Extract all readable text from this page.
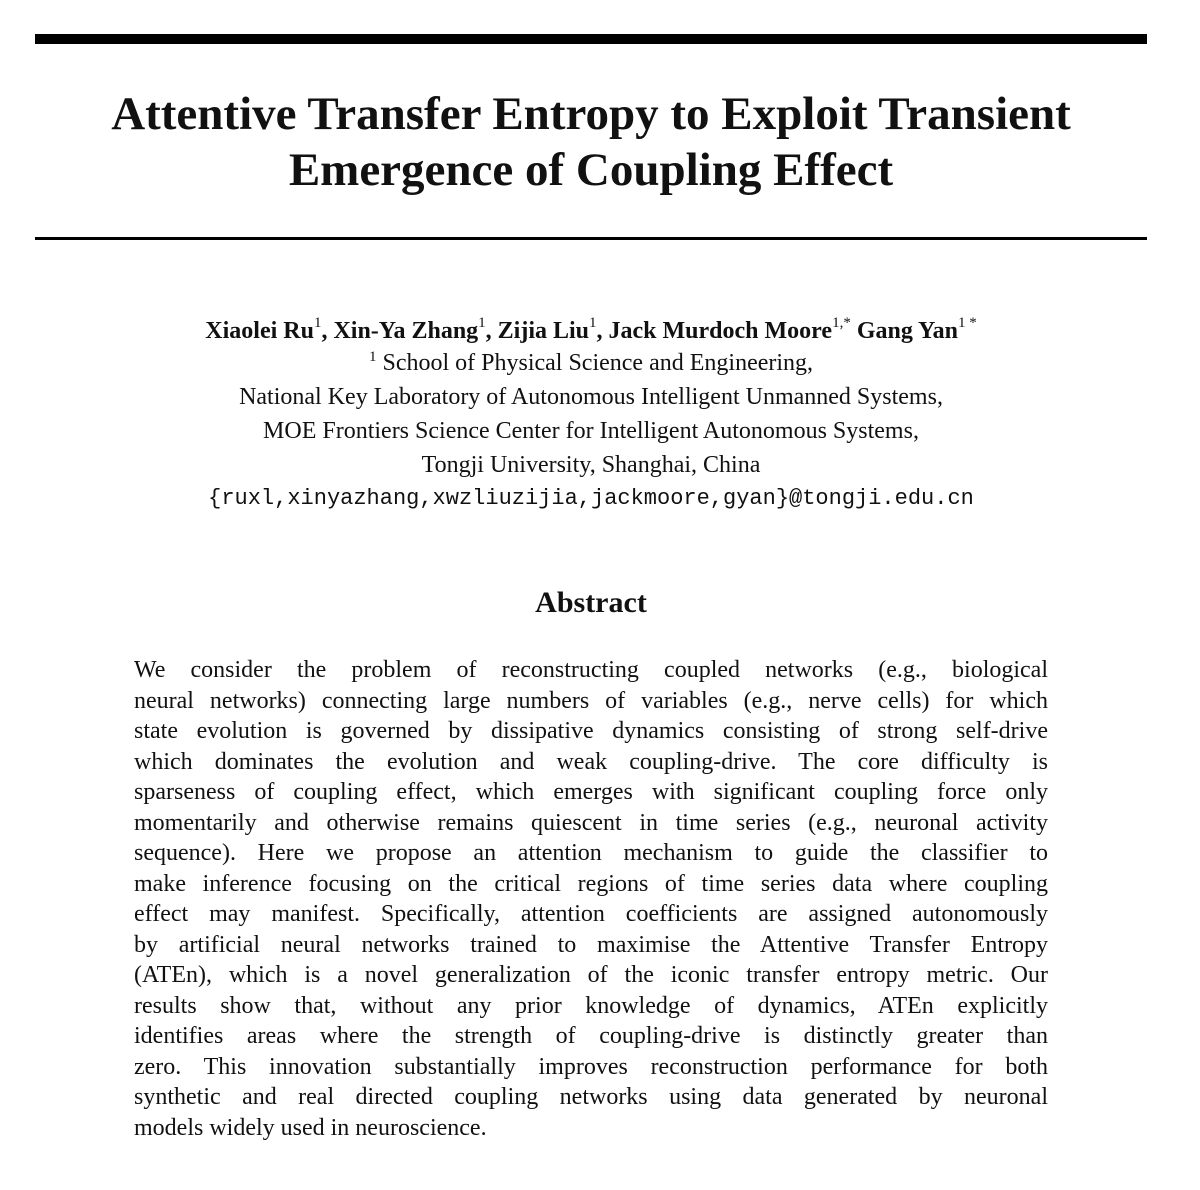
Attentive Transfer Entropy to Exploit Transient
Emergence of Coupling Effect
Xiaolei Ru$^1$, Xin-Ya Zhang$^1$, Zijia Liu$^1$, Jack Murdoch Moore$^{1,*}$ Gang Yan$^{1 *}$
$^1$ School of Physical Science and Engineering,
National Key Laboratory of Autonomous Intelligent Unmanned Systems,
MOE Frontiers Science Center for Intelligent Autonomous Systems,
Tongji University, Shanghai, China
{ruxl,xinyazhang,xwzliuzijia,jackmoore,gyan}@tongji.edu.cn
Abstract
We consider the problem of reconstructing coupled networks (e.g., biological
neural networks) connecting large numbers of variables (e.g., nerve cells) for which
state evolution is governed by dissipative dynamics consisting of strong self-drive
which dominates the evolution and weak coupling-drive. The core difficulty is
sparseness of coupling effect, which emerges with significant coupling force only
momentarily and otherwise remains quiescent in time series (e.g., neuronal activity
sequence). Here we propose an attention mechanism to guide the classifier to
make inference focusing on the critical regions of time series data where coupling
effect may manifest. Specifically, attention coefficients are assigned autonomously
by artificial neural networks trained to maximise the Attentive Transfer Entropy
(ATEn), which is a novel generalization of the iconic transfer entropy metric. Our
results show that, without any prior knowledge of dynamics, ATEn explicitly
identifies areas where the strength of coupling-drive is distinctly greater than
zero. This innovation substantially improves reconstruction performance for both
synthetic and real directed coupling networks using data generated by neuronal
models widely used in neuroscience.
